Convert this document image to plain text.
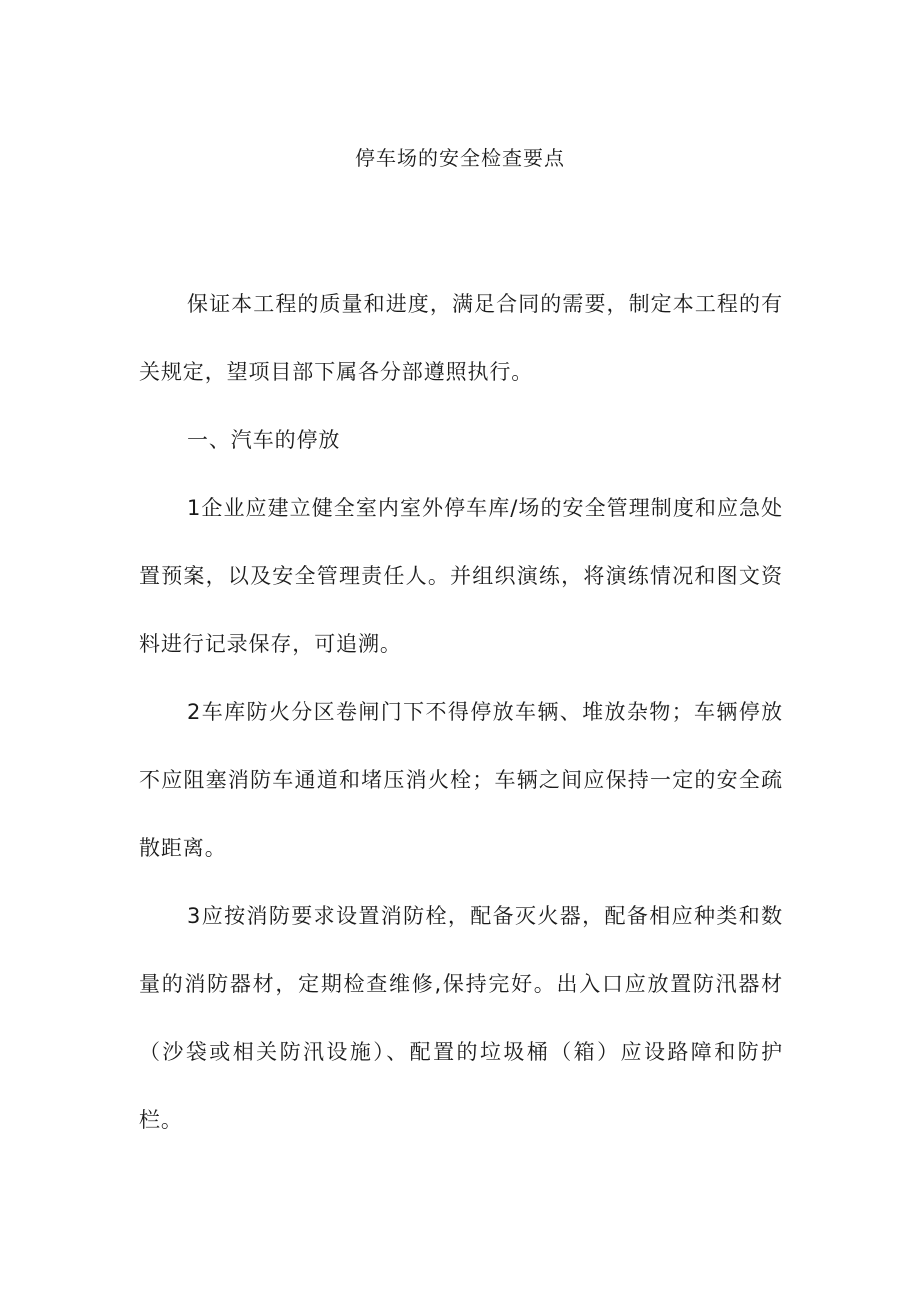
停车场的安全检查要点

保证本工程的质量和进度，满足合同的需要，制定本工程的有关规定，望项目部下属各分部遵照执行。

一、汽车的停放

1企业应建立健全室内室外停车库/场的安全管理制度和应急处置预案，以及安全管理责任人。并组织演练，将演练情况和图文资料进行记录保存，可追溯。

2车库防火分区卷闸门下不得停放车辆、堆放杂物；车辆停放不应阻塞消防车通道和堵压消火栓；车辆之间应保持一定的安全疏散距离。

3应按消防要求设置消防栓，配备灭火器，配备相应种类和数量的消防器材，定期检查维修,保持完好。出入口应放置防汛器材（沙袋或相关防汛设施）、配置的垃圾桶（箱）应设路障和防护栏。
